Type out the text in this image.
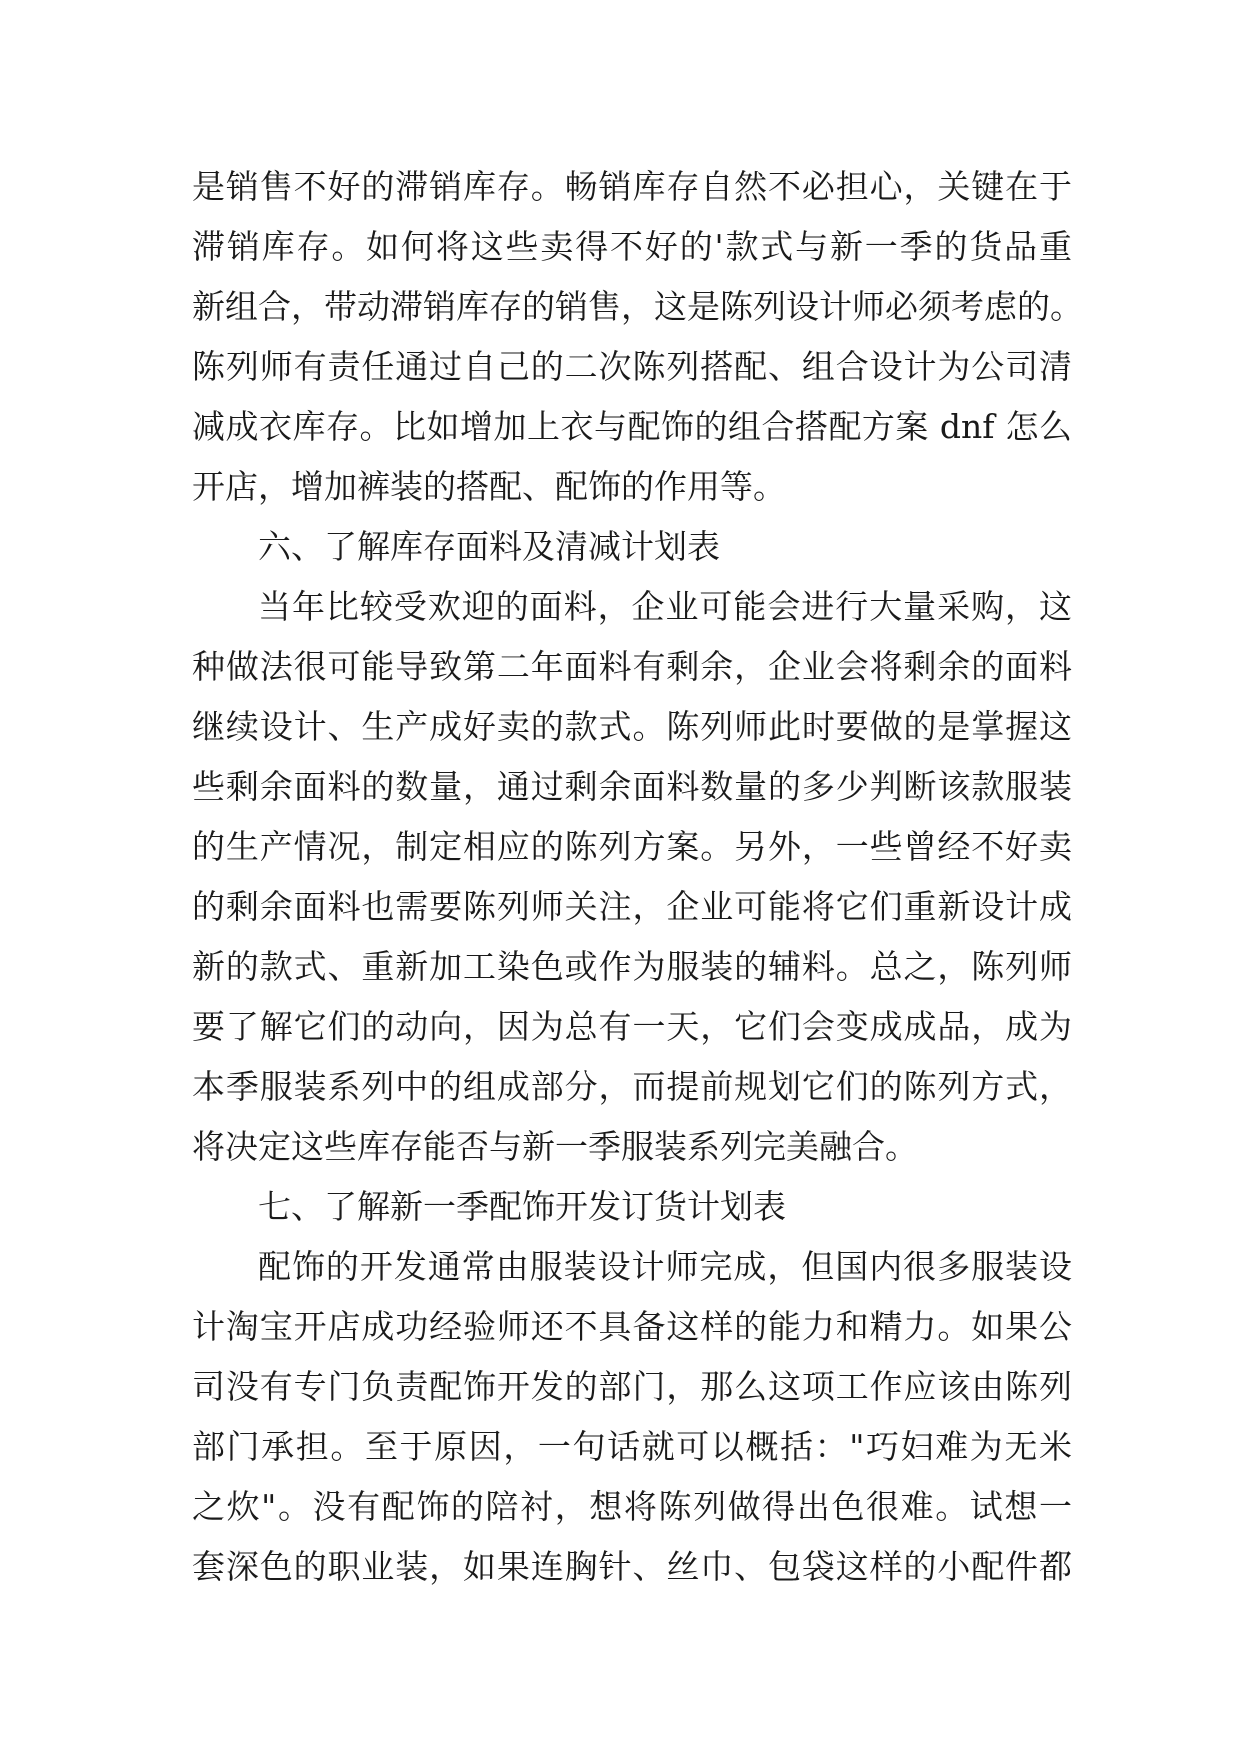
是销售不好的滞销库存。畅销库存自然不必担心，关键在于
滞销库存。如何将这些卖得不好的'款式与新一季的货品重
新组合，带动滞销库存的销售，这是陈列设计师必须考虑的。
陈列师有责任通过自己的二次陈列搭配、组合设计为公司清
减成衣库存。比如增加上衣与配饰的组合搭配方案 dnf 怎么
开店，增加裤装的搭配、配饰的作用等。
六、了解库存面料及清减计划表
当年比较受欢迎的面料，企业可能会进行大量采购，这
种做法很可能导致第二年面料有剩余，企业会将剩余的面料
继续设计、生产成好卖的款式。陈列师此时要做的是掌握这
些剩余面料的数量，通过剩余面料数量的多少判断该款服装
的生产情况，制定相应的陈列方案。另外，一些曾经不好卖
的剩余面料也需要陈列师关注，企业可能将它们重新设计成
新的款式、重新加工染色或作为服装的辅料。总之，陈列师
要了解它们的动向，因为总有一天，它们会变成成品，成为
本季服装系列中的组成部分，而提前规划它们的陈列方式，
将决定这些库存能否与新一季服装系列完美融合。
七、了解新一季配饰开发订货计划表
配饰的开发通常由服装设计师完成，但国内很多服装设
计淘宝开店成功经验师还不具备这样的能力和精力。如果公
司没有专门负责配饰开发的部门，那么这项工作应该由陈列
部门承担。至于原因，一句话就可以概括："巧妇难为无米
之炊"。没有配饰的陪衬，想将陈列做得出色很难。试想一
套深色的职业装，如果连胸针、丝巾、包袋这样的小配件都
